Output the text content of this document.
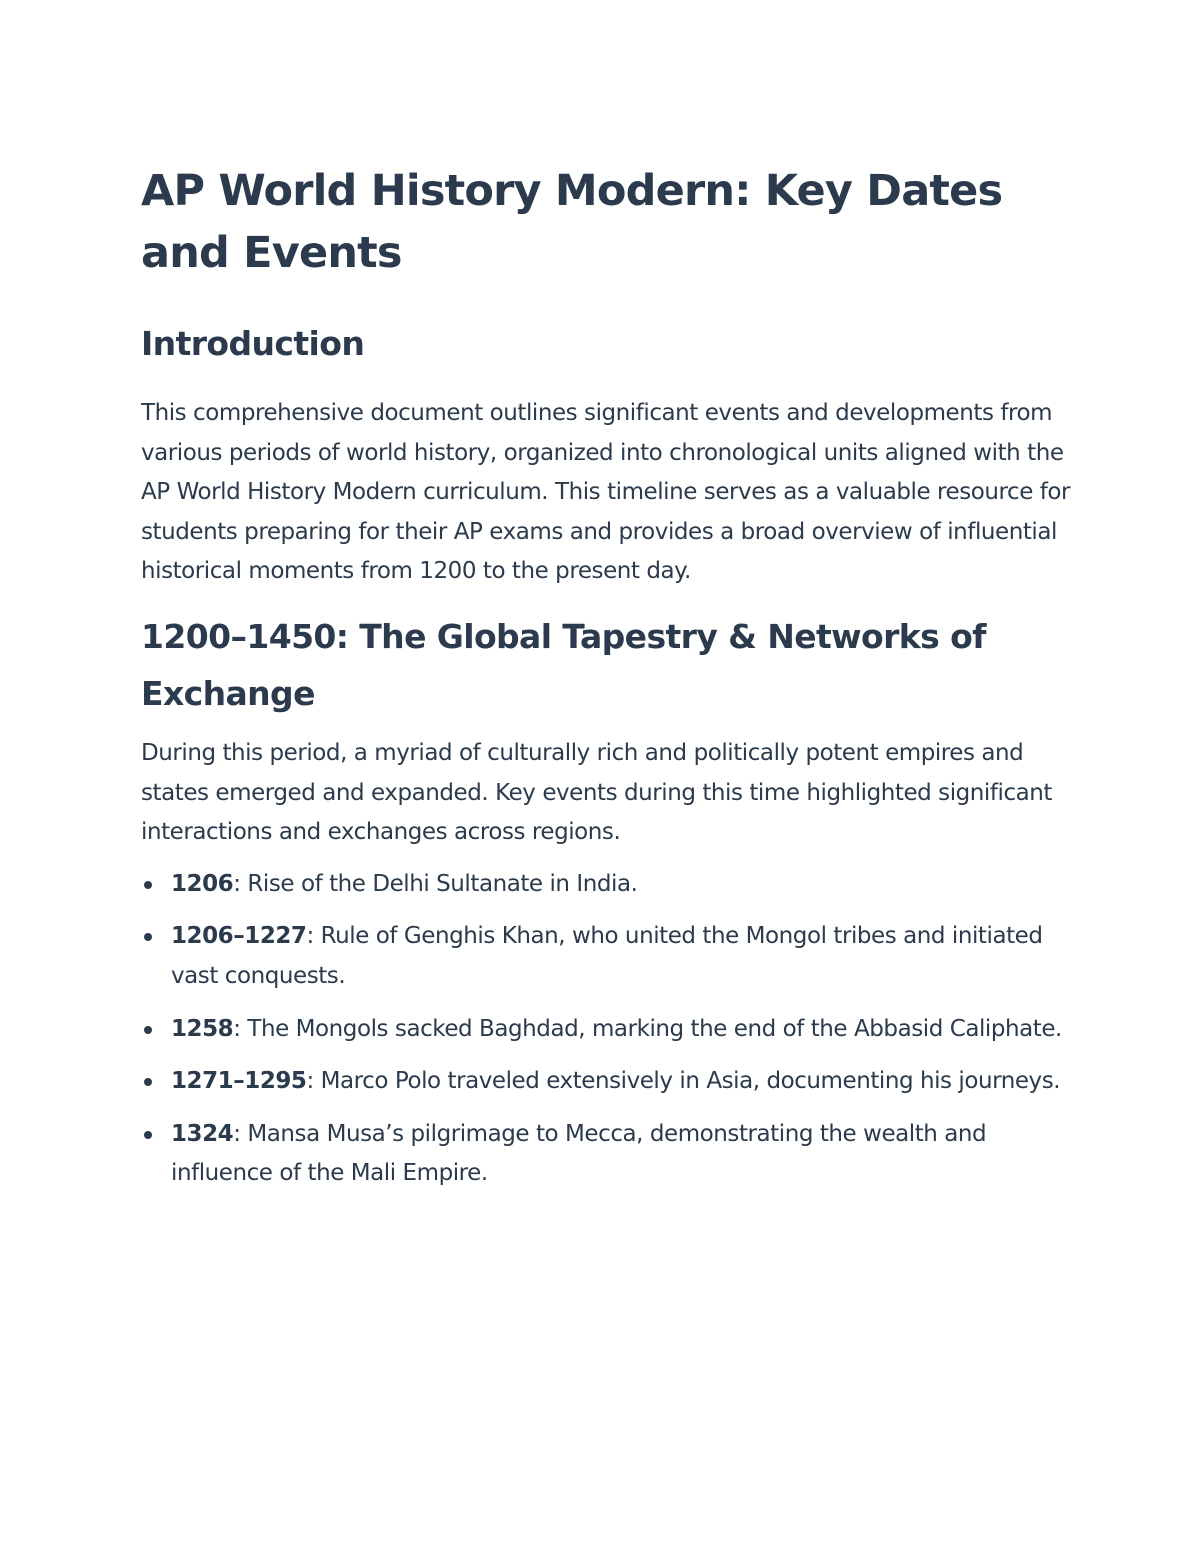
AP World History Modern: Key Dates and Events
Introduction

This comprehensive document outlines significant events and developments from various periods of world history, organized into chronological units aligned with the AP World History Modern curriculum. This timeline serves as a valuable resource for students preparing for their AP exams and provides a broad overview of influential historical moments from 1200 to the present day.

1200–1450: The Global Tapestry & Networks of Exchange

During this period, a myriad of culturally rich and politically potent empires and states emerged and expanded. Key events during this time highlighted significant interactions and exchanges across regions.

1206: Rise of the Delhi Sultanate in India.
1206–1227: Rule of Genghis Khan, who united the Mongol tribes and initiated vast conquests.
1258: The Mongols sacked Baghdad, marking the end of the Abbasid Caliphate.
1271–1295: Marco Polo traveled extensively in Asia, documenting his journeys.
1324: Mansa Musa’s pilgrimage to Mecca, demonstrating the wealth and influence of the Mali Empire.
